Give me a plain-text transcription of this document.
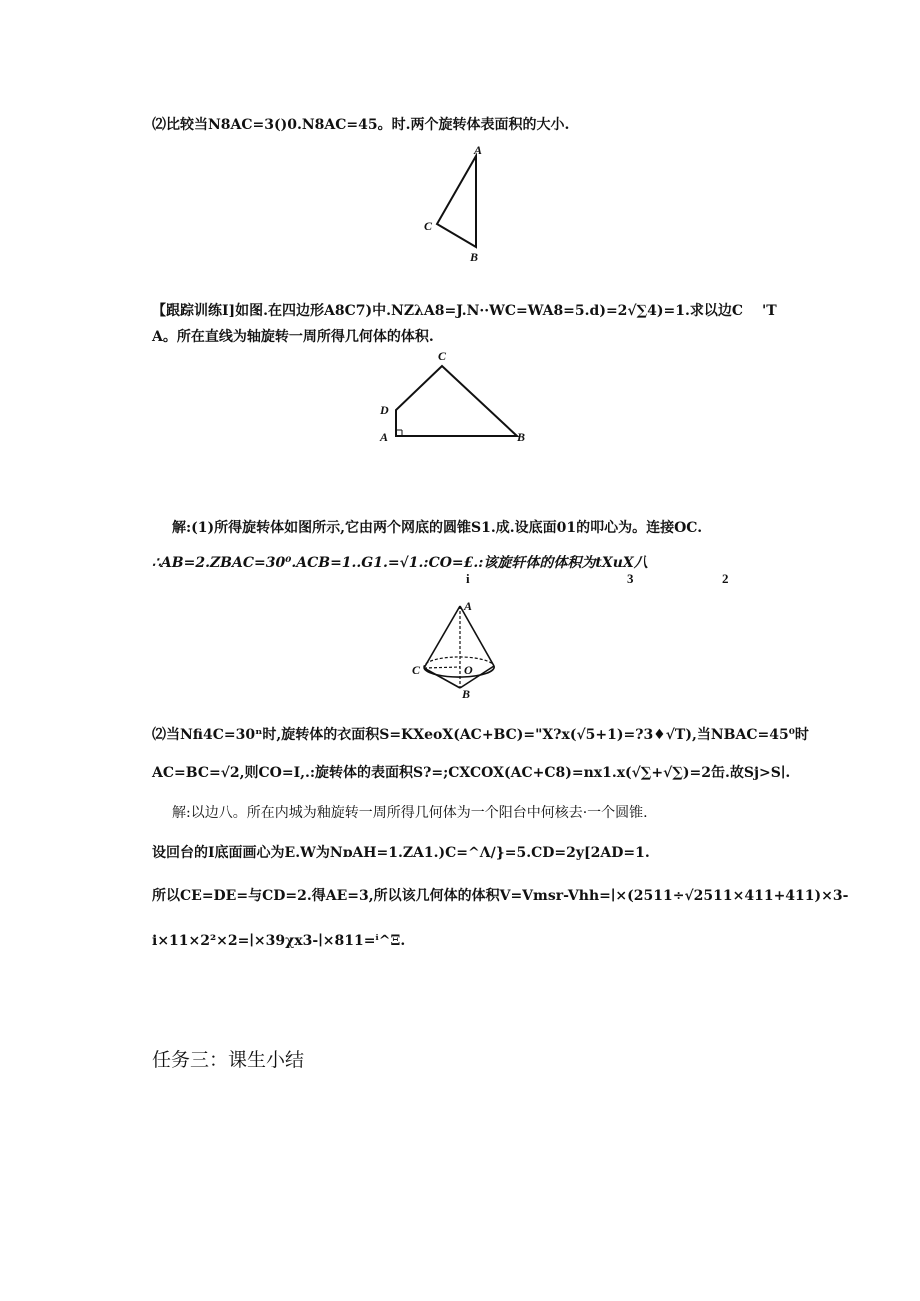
⑵比较当N8AC=3()0.N8AC=45。时.两个旋转体表面积的大小.
A
C
B
【跟踪训练I]如图.在四边形A8C7)中.NZλA8=J.N··WC=WA8=5.d)=2√∑4)=1.求以边C 'T
A。所在直线为轴旋转一周所得几何体的体积.
C
D
A	B
解:(1)所得旋转体如图所示,它由两个网底的圆锥S1.成.设底面01的叩心为。连接OC.
∴AB=2.ZBAC=30⁰.ACB=1..G1.=√1.:CO=£.:该旋轩体的体积为tXuX八
i	3	2
A
C	O
B
⑵当Nfi4C=30ⁿ时,旋转体的衣面积S=KXeoX(AC+BC)="X?x(√5+1)=?3♦√T),当NBAC=45⁰时
AC=BC=√2,则CO=I,.:旋转体的表面积S?=;CXCOX(AC+C8)=nx1.x(√∑+√∑)=2缶.故Sj>S∣.
解:以边八。所在内城为釉旋转一周所得几何体为一个阳台中何核去·一个圆锥.
设回台的I底面画心为E.W为NɒAH=1.ZA1.)C=^Λ∕}=5.CD=2y[2AD=1.
所以CE=DE=与CD=2.得AE=3,所以该几何体的体积V=Vmsr-Vhh=∣×(2511÷√2511×411+411)×3-
i×11×2²×2=∣×39χx3-∣×811=ⁱ^Ξ.
任务三：课生小结
